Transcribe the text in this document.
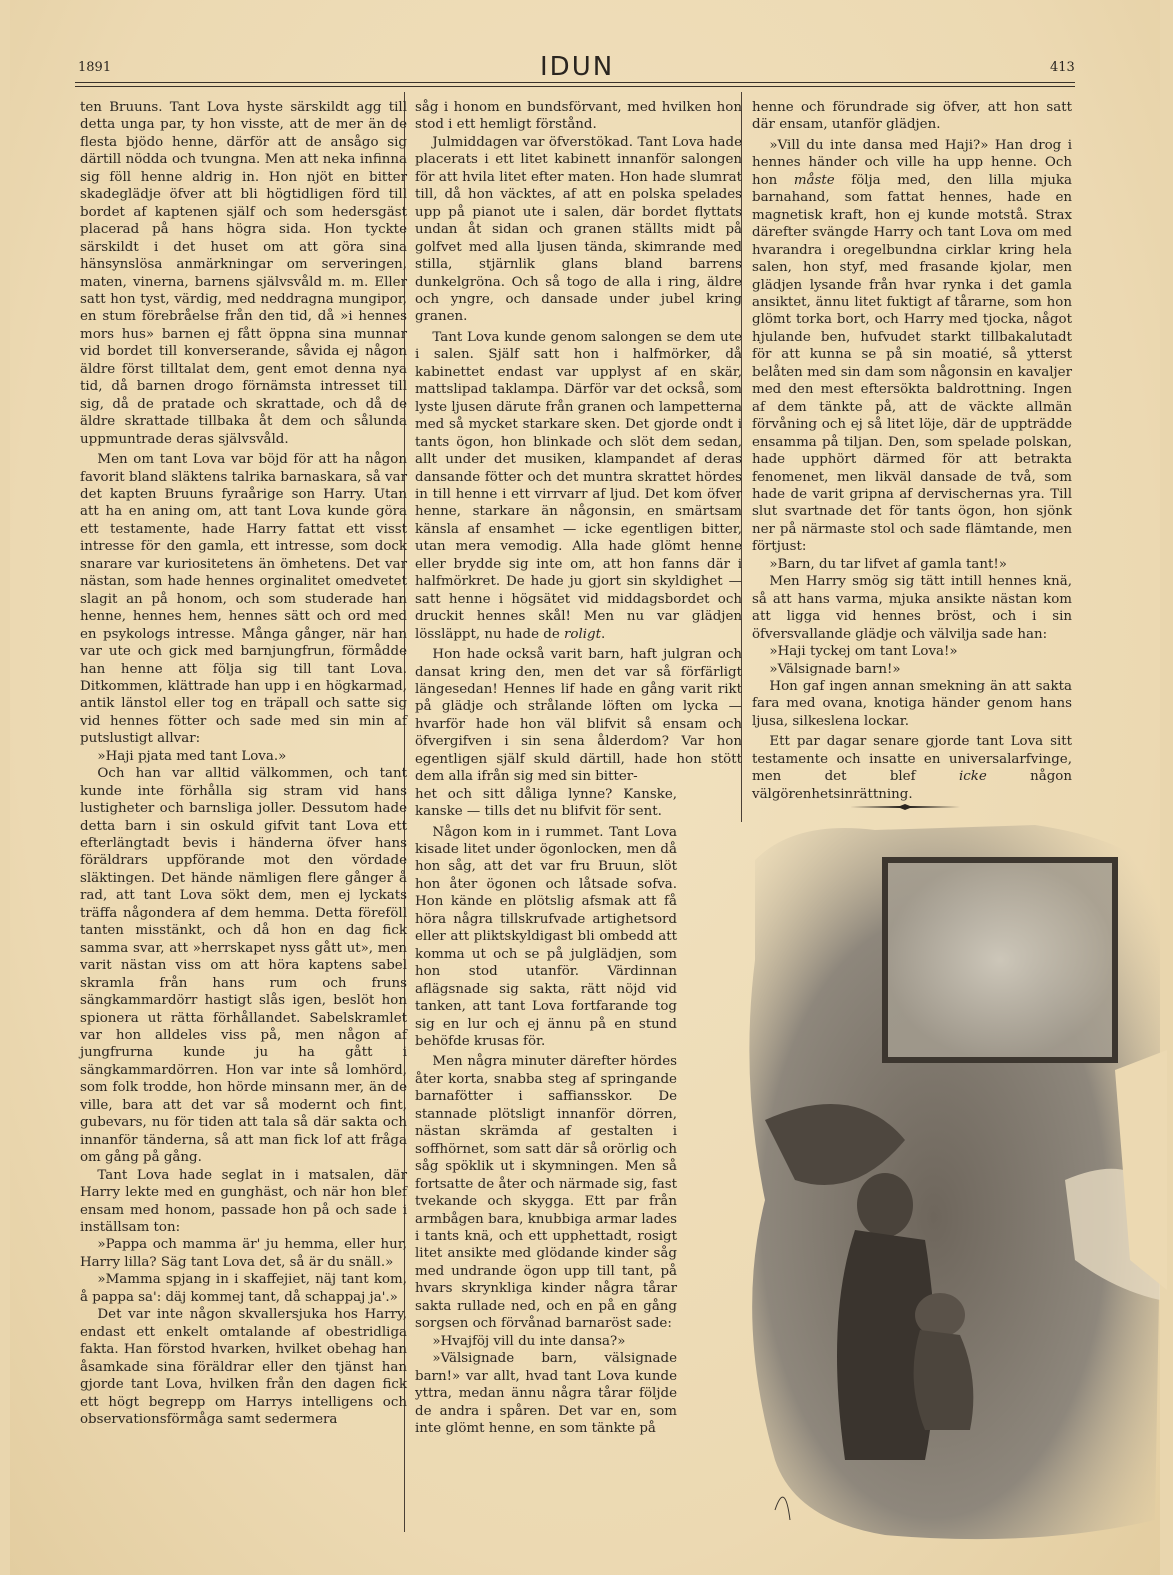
1891	IDUN	413

ten Bruuns. Tant Lova hyste särskildt agg till detta unga par, ty hon visste, att de mer än de flesta bjödo henne, därför att de ansågo sig därtill nödda och tvungna. Men att neka infinna sig föll henne aldrig in. Hon njöt en bitter skadeglädje öfver att bli högtidligen förd till bordet af kaptenen själf och som hedersgäst placerad på hans högra sida. Hon tyckte särskildt i det huset om att göra sina hänsynslösa anmärkningar om serveringen, maten, vinerna, barnens självsvåld m. m. Eller satt hon tyst, värdig, med neddragna mungipor, en stum förebråelse från den tid, då »i hennes mors hus» barnen ej fått öppna sina munnar vid bordet till konverserande, såvida ej någon äldre först tilltalat dem, gent emot denna nya tid, då barnen drogo förnämsta intresset till sig, då de pratade och skrattade, och då de äldre skrattade tillbaka åt dem och sålunda uppmuntrade deras självsvåld.

Men om tant Lova var böjd för att ha någon favorit bland släktens talrika barnaskara, så var det kapten Bruuns fyraårige son Harry. Utan att ha en aning om, att tant Lova kunde göra ett testamente, hade Harry fattat ett visst intresse för den gamla, ett intresse, som dock snarare var kuriositetens än ömhetens. Det var nästan, som hade hennes orginalitet omedvetet slagit an på honom, och som studerade han henne, hennes hem, hennes sätt och ord med en psykologs intresse. Många gånger, när han var ute och gick med barnjungfrun, förmådde han henne att följa sig till tant Lova. Ditkommen, klättrade han upp i en högkarmad, antik länstol eller tog en träpall och satte sig vid hennes fötter och sade med sin min af putslustigt allvar:

»Haji pjata med tant Lova.»

Och han var alltid välkommen, och tant kunde inte förhålla sig stram vid hans lustigheter och barnsliga joller. Dessutom hade detta barn i sin oskuld gifvit tant Lova ett efterlängtadt bevis i händerna öfver hans föräldrars uppförande mot den vördade släktingen. Det hände nämligen flere gånger å rad, att tant Lova sökt dem, men ej lyckats träffa någondera af dem hemma. Detta föreföll tanten misstänkt, och då hon en dag fick samma svar, att »herrskapet nyss gått ut», men varit nästan viss om att höra kaptens sabel skramla från hans rum och fruns sängkammardörr hastigt slås igen, beslöt hon spionera ut rätta förhållandet. Sabelskramlet var hon alldeles viss på, men någon af jungfrurna kunde ju ha gått i sängkammardörren. Hon var inte så lomhörd, som folk trodde, hon hörde minsann mer, än de ville, bara att det var så modernt och fint, gubevars, nu för tiden att tala så där sakta och innanför tänderna, så att man fick lof att fråga om gång på gång.

Tant Lova hade seglat in i matsalen, där Harry lekte med en gunghäst, och när hon blef ensam med honom, passade hon på och sade i inställsam ton:

»Pappa och mamma är' ju hemma, eller hur, Harry lilla? Säg tant Lova det, så är du snäll.»

»Mamma spjang in i skaffejiet, näj tant kom, å pappa sa': däj kommej tant, då schappaj ja'.»

Det var inte någon skvallersjuka hos Harry, endast ett enkelt omtalande af obestridliga fakta. Han förstod hvarken, hvilket obehag han åsamkade sina föräldrar eller den tjänst han gjorde tant Lova, hvilken från den dagen fick ett högt begrepp om Harrys intelligens och observationsförmåga samt sedermera

såg i honom en bundsförvant, med hvilken hon stod i ett hemligt förstånd.

Julmiddagen var öfverstökad. Tant Lova hade placerats i ett litet kabinett innanför salongen för att hvila litet efter maten. Hon hade slumrat till, då hon väcktes, af att en polska spelades upp på pianot ute i salen, där bordet flyttats undan åt sidan och granen ställts midt på golfvet med alla ljusen tända, skimrande med stilla, stjärnlik glans bland barrens dunkelgröna. Och så togo de alla i ring, äldre och yngre, och dansade under jubel kring granen.

Tant Lova kunde genom salongen se dem ute i salen. Själf satt hon i halfmörker, då kabinettet endast var upplyst af en skär, mattslipad taklampa. Därför var det också, som lyste ljusen därute från granen och lampetterna med så mycket starkare sken. Det gjorde ondt i tants ögon, hon blinkade och slöt dem sedan, allt under det musiken, klampandet af deras dansande fötter och det muntra skrattet hördes in till henne i ett virrvarr af ljud. Det kom öfver henne, starkare än någonsin, en smärtsam känsla af ensamhet — icke egentligen bitter, utan mera vemodig. Alla hade glömt henne eller brydde sig inte om, att hon fanns där i halfmörkret. De hade ju gjort sin skyldighet — satt henne i högsätet vid middagsbordet och druckit hennes skål! Men nu var glädjen lössläppt, nu hade de roligt.

Hon hade också varit barn, haft julgran och dansat kring den, men det var så förfärligt längesedan! Hennes lif hade en gång varit rikt på glädje och strålande löften om lycka — hvarför hade hon väl blifvit så ensam och öfvergifven i sin sena ålderdom? Var hon egentligen själf skuld därtill, hade hon stött dem alla ifrån sig med sin bitter-

het och sitt dåliga lynne? Kanske, kanske — tills det nu blifvit för sent.

Någon kom in i rummet. Tant Lova kisade litet under ögonlocken, men då hon såg, att det var fru Bruun, slöt hon åter ögonen och låtsade sofva. Hon kände en plötslig afsmak att få höra några tillskrufvade artighetsord eller att pliktskyldigast bli ombedd att komma ut och se på julglädjen, som hon stod utanför. Värdinnan aflägsnade sig sakta, rätt nöjd vid tanken, att tant Lova fortfarande tog sig en lur och ej ännu på en stund behöfde krusas för.

Men några minuter därefter hördes åter korta, snabba steg af springande barnafötter i saffiansskor. De stannade plötsligt innanför dörren, nästan skrämda af gestalten i soffhörnet, som satt där så orörlig och såg spöklik ut i skymningen. Men så fortsatte de åter och närmade sig, fast tvekande och skygga. Ett par från armbågen bara, knubbiga armar lades i tants knä, och ett upphettadt, rosigt litet ansikte med glödande kinder såg med undrande ögon upp till tant, på hvars skrynkliga kinder några tårar sakta rullade ned, och en på en gång sorgsen och förvånad barnaröst sade:

»Hvajföj vill du inte dansa?»

»Välsignade barn, välsignade barn!» var allt, hvad tant Lova kunde yttra, medan ännu några tårar följde de andra i spåren. Det var en, som inte glömt henne, en som tänkte på

henne och förundrade sig öfver, att hon satt där ensam, utanför glädjen.

»Vill du inte dansa med Haji?» Han drog i hennes händer och ville ha upp henne. Och hon måste följa med, den lilla mjuka barnahand, som fattat hennes, hade en magnetisk kraft, hon ej kunde motstå. Strax därefter svängde Harry och tant Lova om med hvarandra i oregelbundna cirklar kring hela salen, hon styf, med frasande kjolar, men glädjen lysande från hvar rynka i det gamla ansiktet, ännu litet fuktigt af tårarne, som hon glömt torka bort, och Harry med tjocka, något hjulande ben, hufvudet starkt tillbakalutadt för att kunna se på sin moatié, så ytterst belåten med sin dam som någonsin en kavaljer med den mest eftersökta baldrottning. Ingen af dem tänkte på, att de väckte allmän förvåning och ej så litet löje, där de uppträdde ensamma på tiljan. Den, som spelade polskan, hade upphört därmed för att betrakta fenomenet, men likväl dansade de två, som hade de varit gripna af dervischernas yra. Till slut svartnade det för tants ögon, hon sjönk ner på närmaste stol och sade flämtande, men förtjust:

»Barn, du tar lifvet af gamla tant!»

Men Harry smög sig tätt intill hennes knä, så att hans varma, mjuka ansikte nästan kom att ligga vid hennes bröst, och i sin öfversvallande glädje och välvilja sade han:

»Haji tyckej om tant Lova!»

»Välsignade barn!»

Hon gaf ingen annan smekning än att sakta fara med ovana, knotiga händer genom hans ljusa, silkeslena lockar.

Ett par dagar senare gjorde tant Lova sitt testamente och insatte en universalarfvinge, men det blef	icke	någon välgörenhetsinrättning.
